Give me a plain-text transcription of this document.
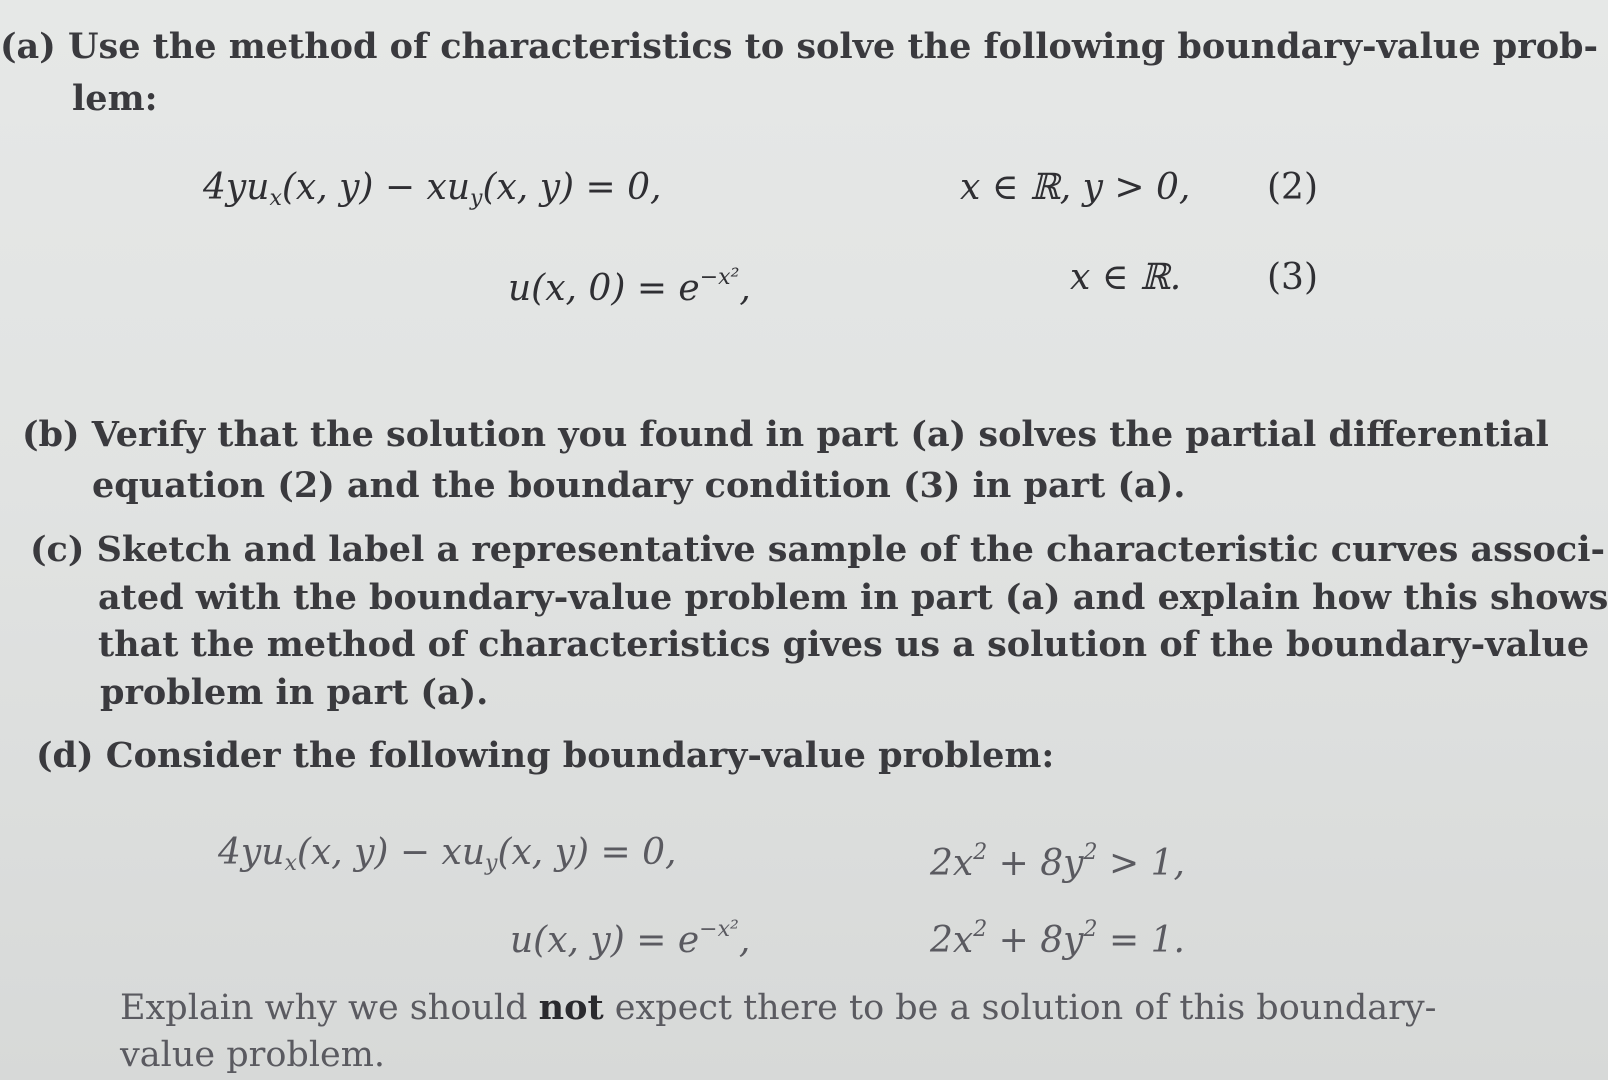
(a) Use the method of characteristics to solve the following boundary-value prob-
lem:
$4yu_x(x$, $y) - xu_y(x$, y) = 0,	x ∈ ℝ, y > 0, (2)
u(x, $0) = e^{-x^2}$,	x ∈ ℝ. (3)
(b) Verify that the solution you found in part (a) solves the partial differential
equation (2) and the boundary condition (3) in part (a).
(c) Sketch and label a representative sample of the characteristic curves associ-
ated with the boundary-value problem in part (a) and explain how this shows
that the method of characteristics gives us a solution of the boundary-value
problem in part (a).
(d) Consider the following boundary-value problem:
$4yu_x(x$, $y) - xu_y(x$, y) = 0,	$2x^2 + 8y^2 > 1$,
u(x, $y) = e^{-x^2}$,	$2x^2 + 8y^2 = 1$.
Explain why we should not expect there to be a solution of this boundary-
value problem.
